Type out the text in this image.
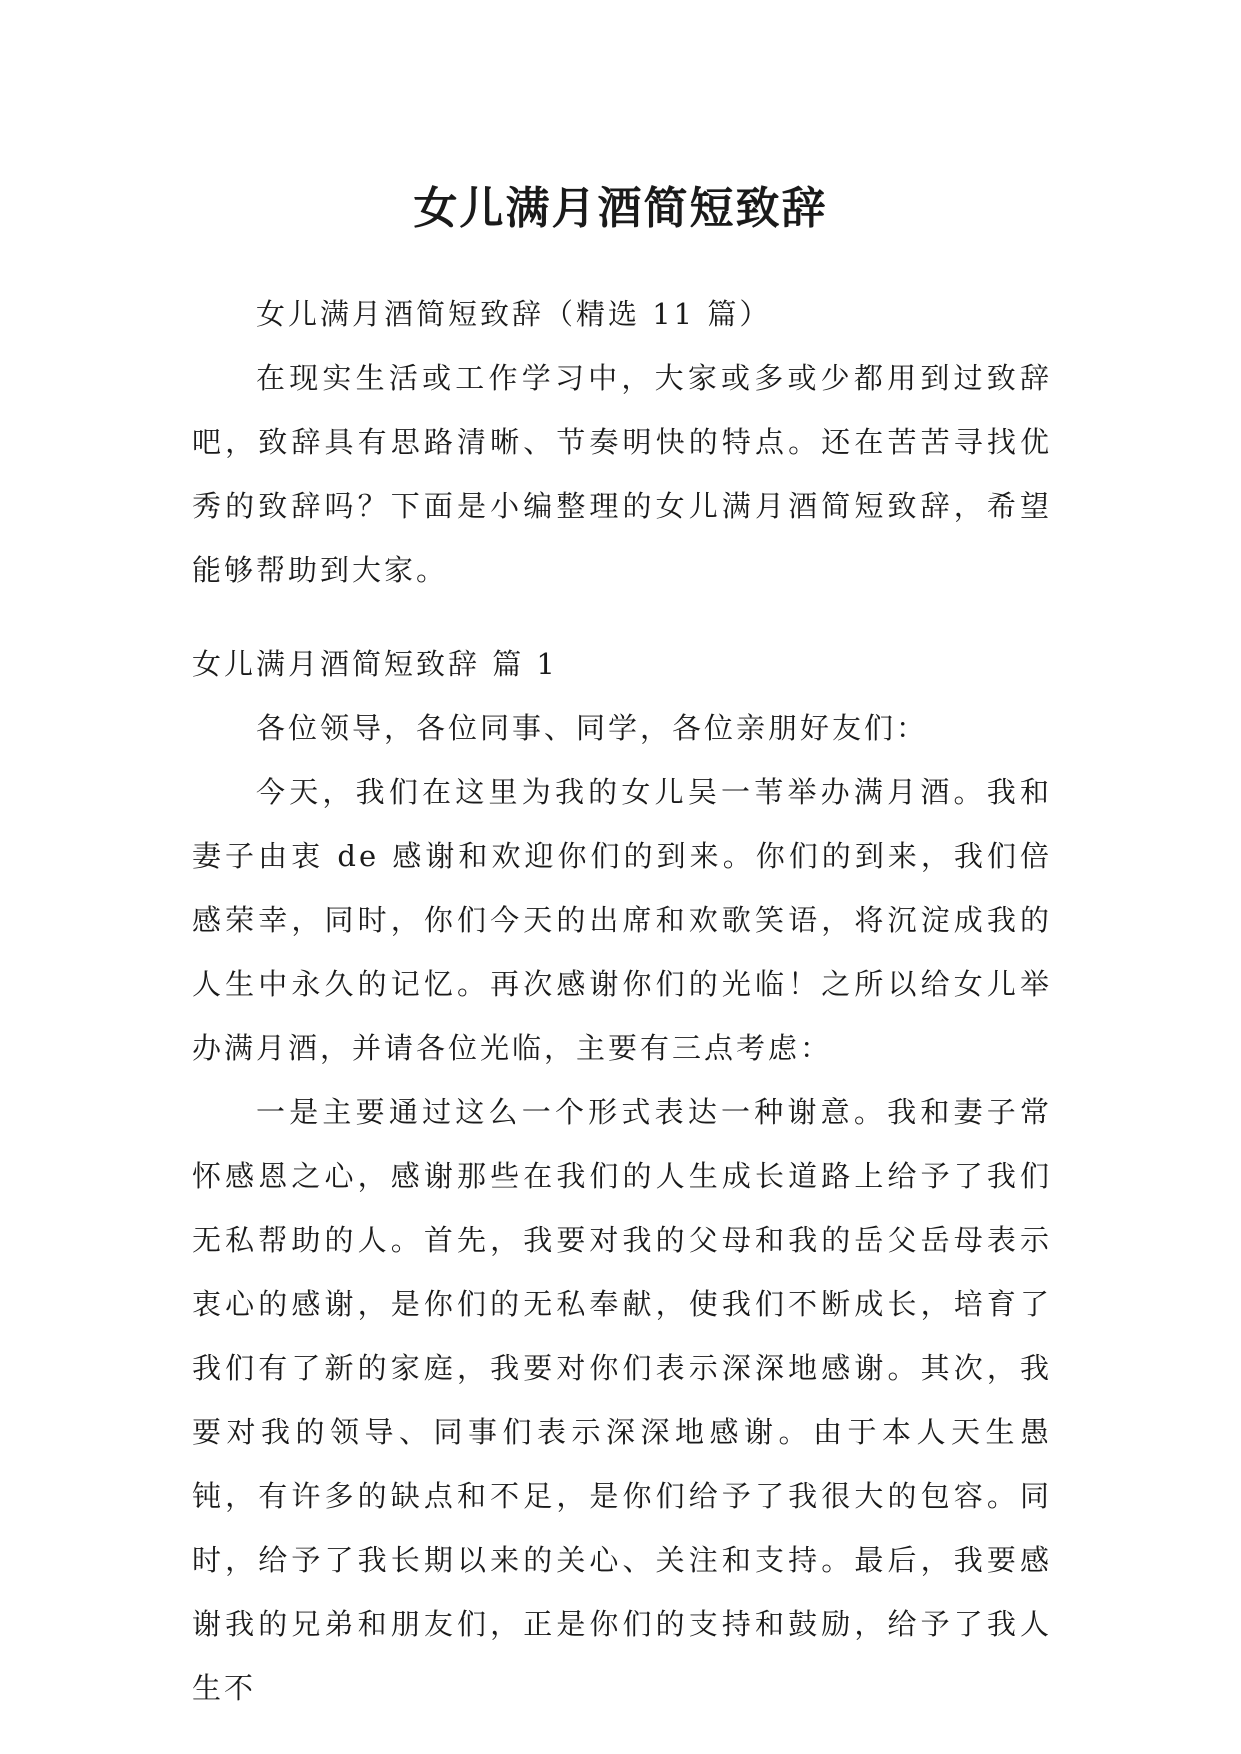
女儿满月酒简短致辞

女儿满月酒简短致辞（精选 11 篇）

在现实生活或工作学习中，大家或多或少都用到过致辞吧，致辞具有思路清晰、节奏明快的特点。还在苦苦寻找优秀的致辞吗？下面是小编整理的女儿满月酒简短致辞，希望能够帮助到大家。

女儿满月酒简短致辞 篇 1

各位领导，各位同事、同学，各位亲朋好友们：

今天，我们在这里为我的女儿吴一苇举办满月酒。我和妻子由衷 de 感谢和欢迎你们的到来。你们的到来，我们倍感荣幸，同时，你们今天的出席和欢歌笑语，将沉淀成我的人生中永久的记忆。再次感谢你们的光临！之所以给女儿举办满月酒，并请各位光临，主要有三点考虑：

一是主要通过这么一个形式表达一种谢意。我和妻子常怀感恩之心，感谢那些在我们的人生成长道路上给予了我们无私帮助的人。首先，我要对我的父母和我的岳父岳母表示衷心的感谢，是你们的无私奉献，使我们不断成长，培育了我们有了新的家庭，我要对你们表示深深地感谢。其次，我要对我的领导、同事们表示深深地感谢。由于本人天生愚钝，有许多的缺点和不足，是你们给予了我很大的包容。同时，给予了我长期以来的关心、关注和支持。最后，我要感谢我的兄弟和朋友们，正是你们的支持和鼓励，给予了我人生不
